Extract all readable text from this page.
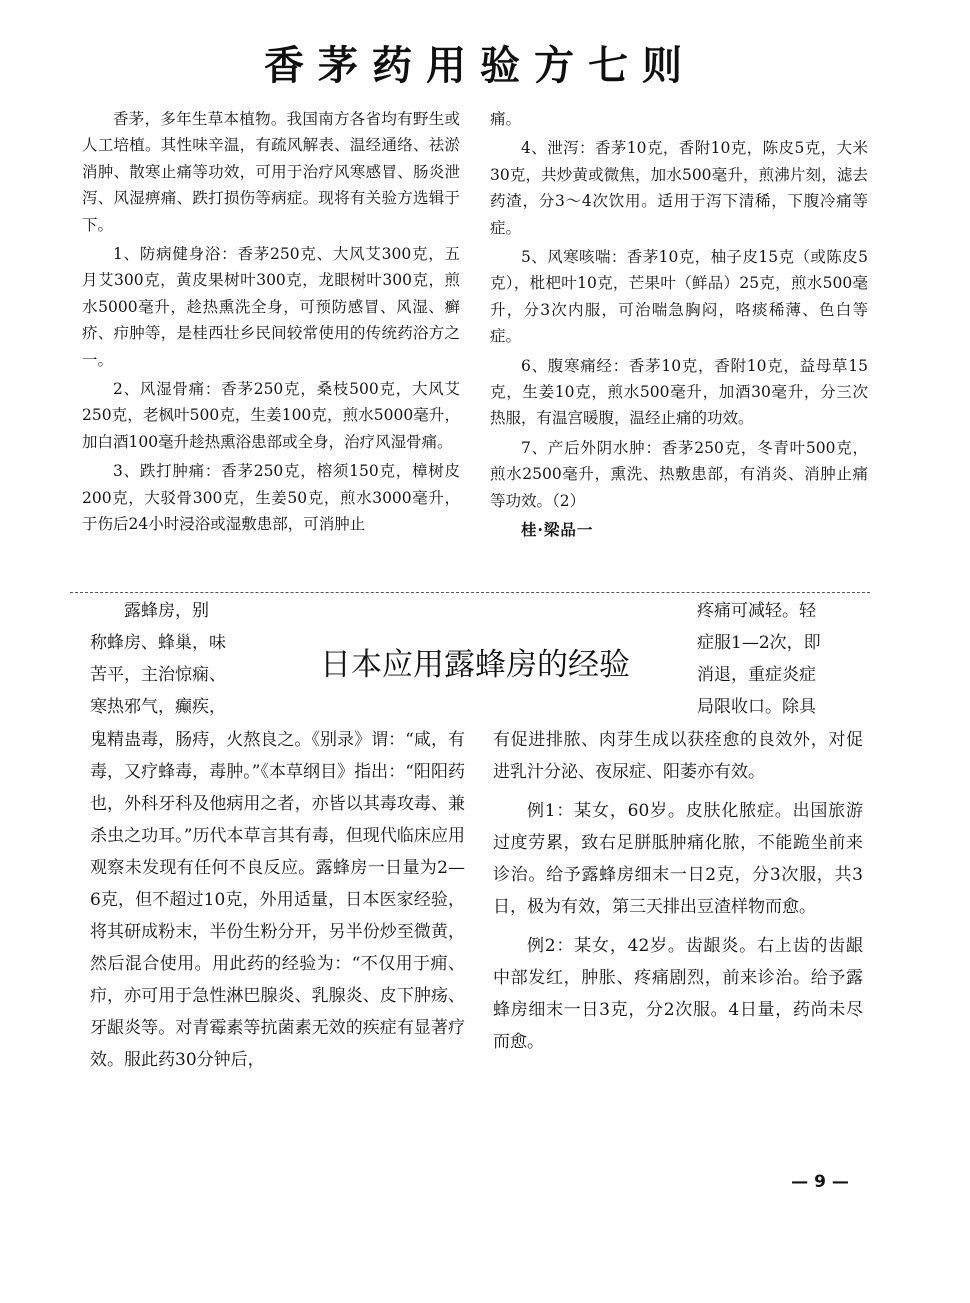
香茅药用验方七则

香茅，多年生草本植物。我国南方各省均有野生或人工培植。其性味辛温，有疏风解表、温经通络、祛淤消肿、散寒止痛等功效，可用于治疗风寒感冒、肠炎泄泻、风湿痹痛、跌打损伤等病症。现将有关验方选辑于下。

1、防病健身浴：香茅250克、大风艾300克，五月艾300克，黄皮果树叶300克，龙眼树叶300克，煎水5000毫升，趁热熏洗全身，可预防感冒、风湿、癣疥、疖肿等，是桂西壮乡民间较常使用的传统药浴方之一。

2、风湿骨痛：香茅250克，桑枝500克，大风艾250克，老枫叶500克，生姜100克，煎水5000毫升，加白酒100毫升趁热熏浴患部或全身，治疗风湿骨痛。

3、跌打肿痛：香茅250克，榕须150克，樟树皮200克，大驳骨300克，生姜50克，煎水3000毫升，于伤后24小时浸浴或湿敷患部，可消肿止

痛。

4、泄泻：香茅10克，香附10克，陈皮5克，大米30克，共炒黄或微焦，加水500毫升，煎沸片刻，滤去药渣，分3～4次饮用。适用于泻下清稀，下腹冷痛等症。

5、风寒咳喘：香茅10克，柚子皮15克（或陈皮5克），枇杷叶10克，芒果叶（鲜品）25克，煎水500毫升，分3次内服，可治喘急胸闷，咯痰稀薄、色白等症。

6、腹寒痛经：香茅10克，香附10克，益母草15克，生姜10克，煎水500毫升，加酒30毫升，分三次热服，有温宫暖腹，温经止痛的功效。

7、产后外阴水肿：香茅250克，冬青叶500克，煎水2500毫升，熏洗、热敷患部，有消炎、消肿止痛等功效。（2）

桂·梁品一

日本应用露蜂房的经验

露蜂房，别

称蜂房、蜂巢，味

苦平，主治惊痫、

寒热邪气，癫疾，

疼痛可减轻。轻

症服1—2次，即

消退，重症炎症

局限收口。除具

鬼精蛊毒，肠痔，火熬良之。《别录》谓：“咸，有毒，又疗蜂毒，毒肿。”《本草纲目》指出：“阳阳药也，外科牙科及他病用之者，亦皆以其毒攻毒、兼杀虫之功耳。”历代本草言其有毒，但现代临床应用观察未发现有任何不良反应。露蜂房一日量为2—6克，但不超过10克，外用适量，日本医家经验，将其研成粉末，半份生粉分开，另半份炒至微黄，然后混合使用。用此药的经验为：“不仅用于痈、疖，亦可用于急性淋巴腺炎、乳腺炎、皮下肿疡、牙龈炎等。对青霉素等抗菌素无效的疾症有显著疗效。服此药30分钟后，

有促进排脓、肉芽生成以获痊愈的良效外，对促进乳汁分泌、夜尿症、阳萎亦有效。

例1：某女，60岁。皮肤化脓症。出国旅游过度劳累，致右足胼胝肿痛化脓，不能跪坐前来诊治。给予露蜂房细末一日2克，分3次服，共3日，极为有效，第三天排出豆渣样物而愈。

例2：某女，42岁。齿龈炎。右上齿的齿龈中部发红，肿胀、疼痛剧烈，前来诊治。给予露蜂房细末一日3克，分2次服。4日量，药尚未尽而愈。

— 9 —
